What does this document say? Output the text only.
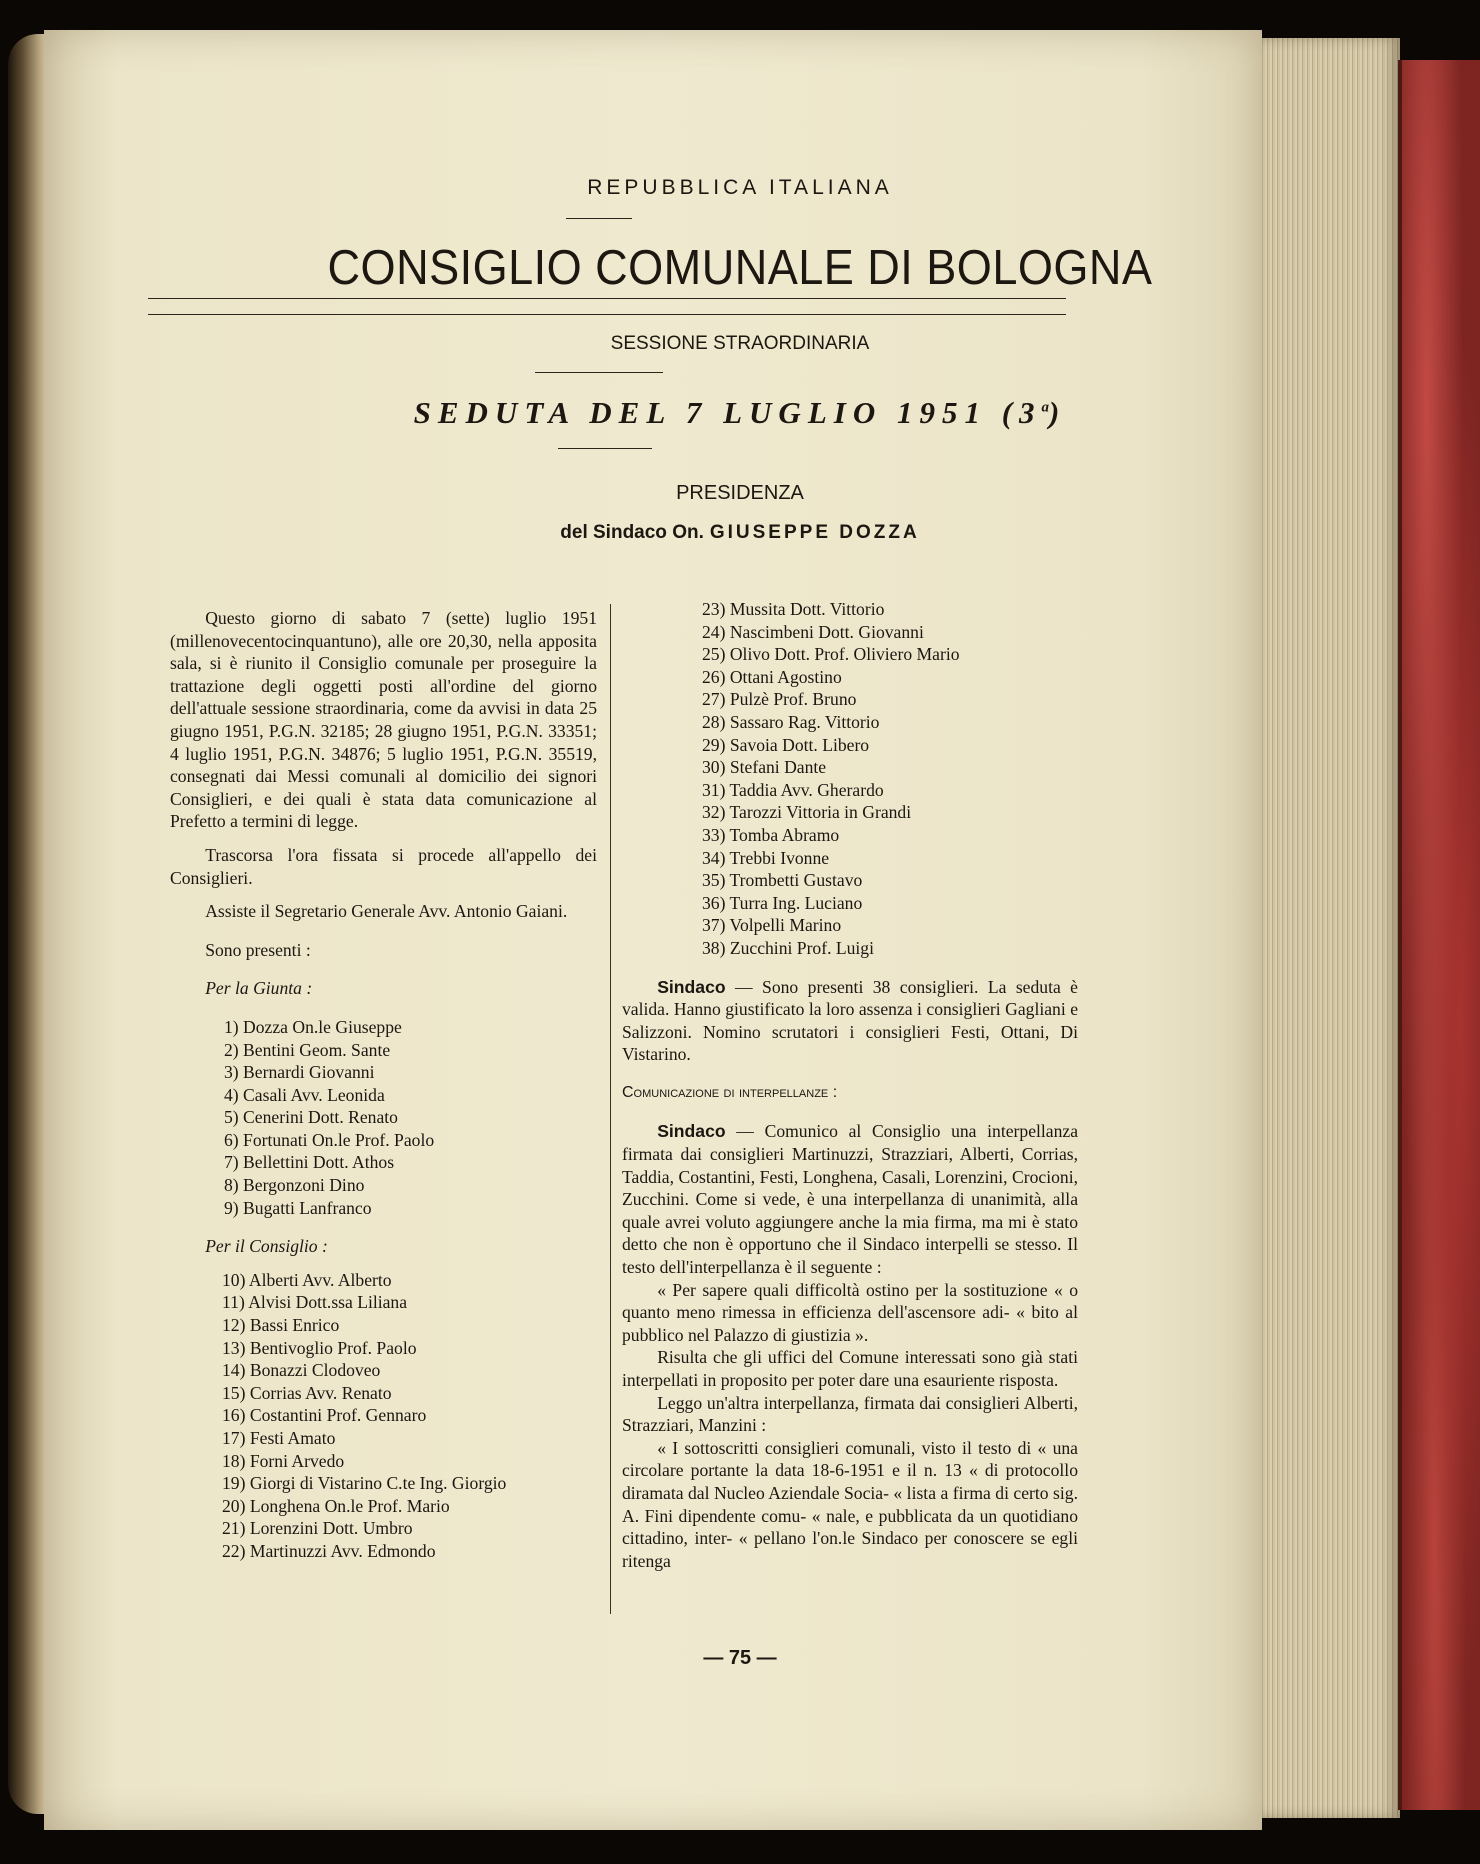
REPUBBLICA ITALIANA
CONSIGLIO COMUNALE DI BOLOGNA
SESSIONE STRAORDINARIA
SEDUTA DEL 7 LUGLIO 1951 (3$^a$)
PRESIDENZA
del Sindaco On. GIUSEPPE DOZZA

Questo giorno di sabato 7 (sette) luglio 1951 (millenovecentocinquantuno), alle ore 20,30, nella apposita sala, si è riunito il Consiglio comunale per proseguire la trattazione degli oggetti posti all'ordine del giorno dell'attuale sessione straordinaria, come da avvisi in data 25 giugno 1951, P.G.N. 32185; 28 giugno 1951, P.G.N. 33351; 4 luglio 1951, P.G.N. 34876; 5 luglio 1951, P.G.N. 35519, consegnati dai Messi comunali al domicilio dei signori Consiglieri, e dei quali è stata data comunicazione al Prefetto a termini di legge.

Trascorsa l'ora fissata si procede all'appello dei Consiglieri.

Assiste il Segretario Generale Avv. Antonio Gaiani.

Sono presenti :

Per la Giunta :

1) Dozza On.le Giuseppe
2) Bentini Geom. Sante
3) Bernardi Giovanni
4) Casali Avv. Leonida
5) Cenerini Dott. Renato
6) Fortunati On.le Prof. Paolo
7) Bellettini Dott. Athos
8) Bergonzoni Dino
9) Bugatti Lanfranco

Per il Consiglio :

10) Alberti Avv. Alberto
11) Alvisi Dott.ssa Liliana
12) Bassi Enrico
13) Bentivoglio Prof. Paolo
14) Bonazzi Clodoveo
15) Corrias Avv. Renato
16) Costantini Prof. Gennaro
17) Festi Amato
18) Forni Arvedo
19) Giorgi di Vistarino C.te Ing. Giorgio
20) Longhena On.le Prof. Mario
21) Lorenzini Dott. Umbro
22) Martinuzzi Avv. Edmondo
23) Mussita Dott. Vittorio
24) Nascimbeni Dott. Giovanni
25) Olivo Dott. Prof. Oliviero Mario
26) Ottani Agostino
27) Pulzè Prof. Bruno
28) Sassaro Rag. Vittorio
29) Savoia Dott. Libero
30) Stefani Dante
31) Taddia Avv. Gherardo
32) Tarozzi Vittoria in Grandi
33) Tomba Abramo
34) Trebbi Ivonne
35) Trombetti Gustavo
36) Turra Ing. Luciano
37) Volpelli Marino
38) Zucchini Prof. Luigi

Sindaco — Sono presenti 38 consiglieri. La seduta è valida. Hanno giustificato la loro assenza i consiglieri Gagliani e Salizzoni. Nomino scrutatori i consiglieri Festi, Ottani, Di Vistarino.

Comunicazione di interpellanze :

Sindaco — Comunico al Consiglio una interpellanza firmata dai consiglieri Martinuzzi, Strazziari, Alberti, Corrias, Taddia, Costantini, Festi, Longhena, Casali, Lorenzini, Crocioni, Zucchini. Come si vede, è una interpellanza di unanimità, alla quale avrei voluto aggiungere anche la mia firma, ma mi è stato detto che non è opportuno che il Sindaco interpelli se stesso. Il testo dell'interpellanza è il seguente :

« Per sapere quali difficoltà ostino per la sostituzione « o quanto meno rimessa in efficienza dell'ascensore adi- « bito al pubblico nel Palazzo di giustizia ».

Risulta che gli uffici del Comune interessati sono già stati interpellati in proposito per poter dare una esauriente risposta.

Leggo un'altra interpellanza, firmata dai consiglieri Alberti, Strazziari, Manzini :

« I sottoscritti consiglieri comunali, visto il testo di « una circolare portante la data 18-6-1951 e il n. 13 « di protocollo diramata dal Nucleo Aziendale Socia- « lista a firma di certo sig. A. Fini dipendente comu- « nale, e pubblicata da un quotidiano cittadino, inter- « pellano l'on.le Sindaco per conoscere se egli ritenga

— 75 —
